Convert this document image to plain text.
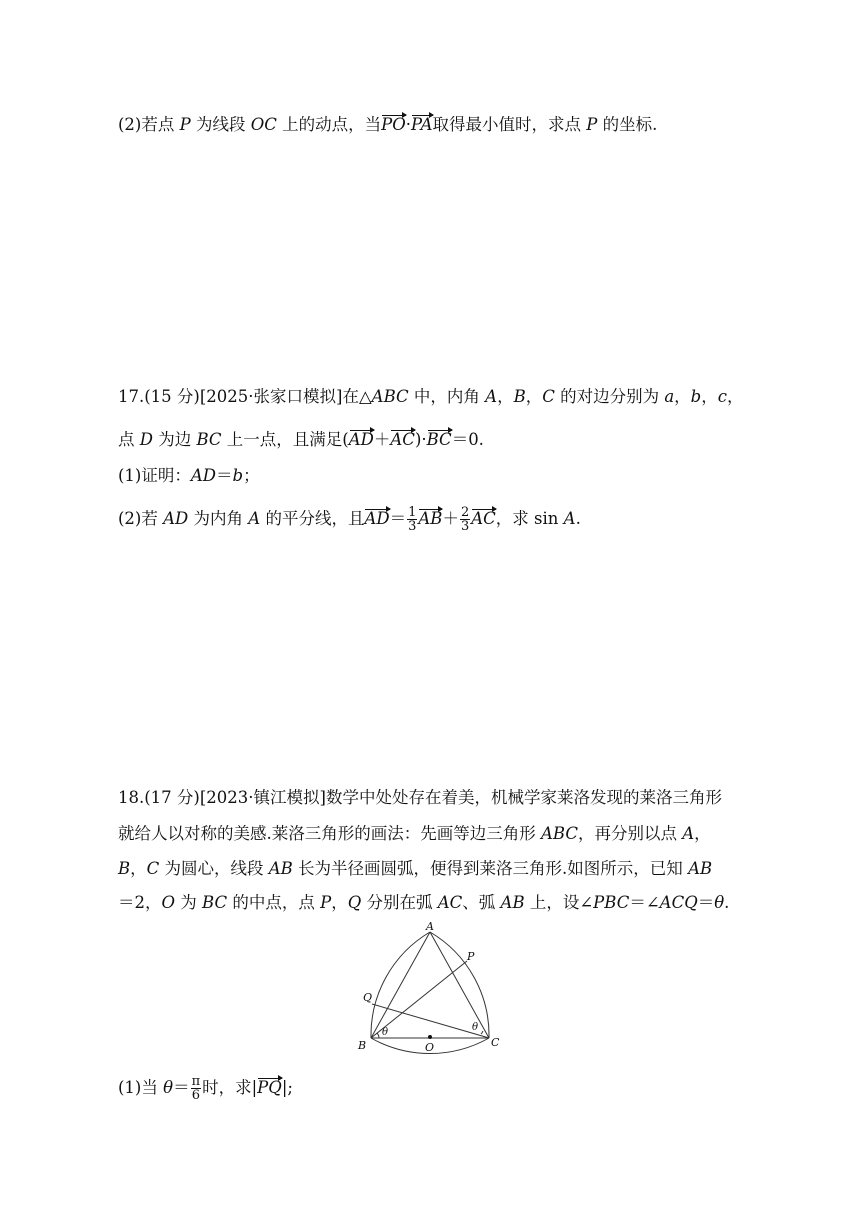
(2)若点 P 为线段 OC 上的动点，当PO·PA取得最小值时，求点 P 的坐标.
17.(15 分)[2025·张家口模拟]在△ABC 中，内角 A，B，C 的对边分别为 a，b，c，
点 D 为边 BC 上一点，且满足(AD＋AC)·BC＝0.
(1)证明：AD＝b；
(2)若 AD 为内角 A 的平分线，且$AD= \frac{1}{3} AB+ \frac{2}{3}$ AC，求 sin A.
18.(17 分)[2023·镇江模拟]数学中处处存在着美，机械学家莱洛发现的莱洛三角形
就给人以对称的美感.莱洛三角形的画法：先画等边三角形 ABC，再分别以点 A，
B，C 为圆心，线段 AB 长为半径画圆弧，便得到莱洛三角形.如图所示，已知 AB
＝2，O 为 BC 的中点，点 P，Q 分别在弧 AC、弧 AB 上，设∠PBC＝∠ACQ＝θ.
A
B	C
O
P
Q
θ	θ
(1)当 $\theta= \frac{\pi}{6}$ 时，求|PQ|;
